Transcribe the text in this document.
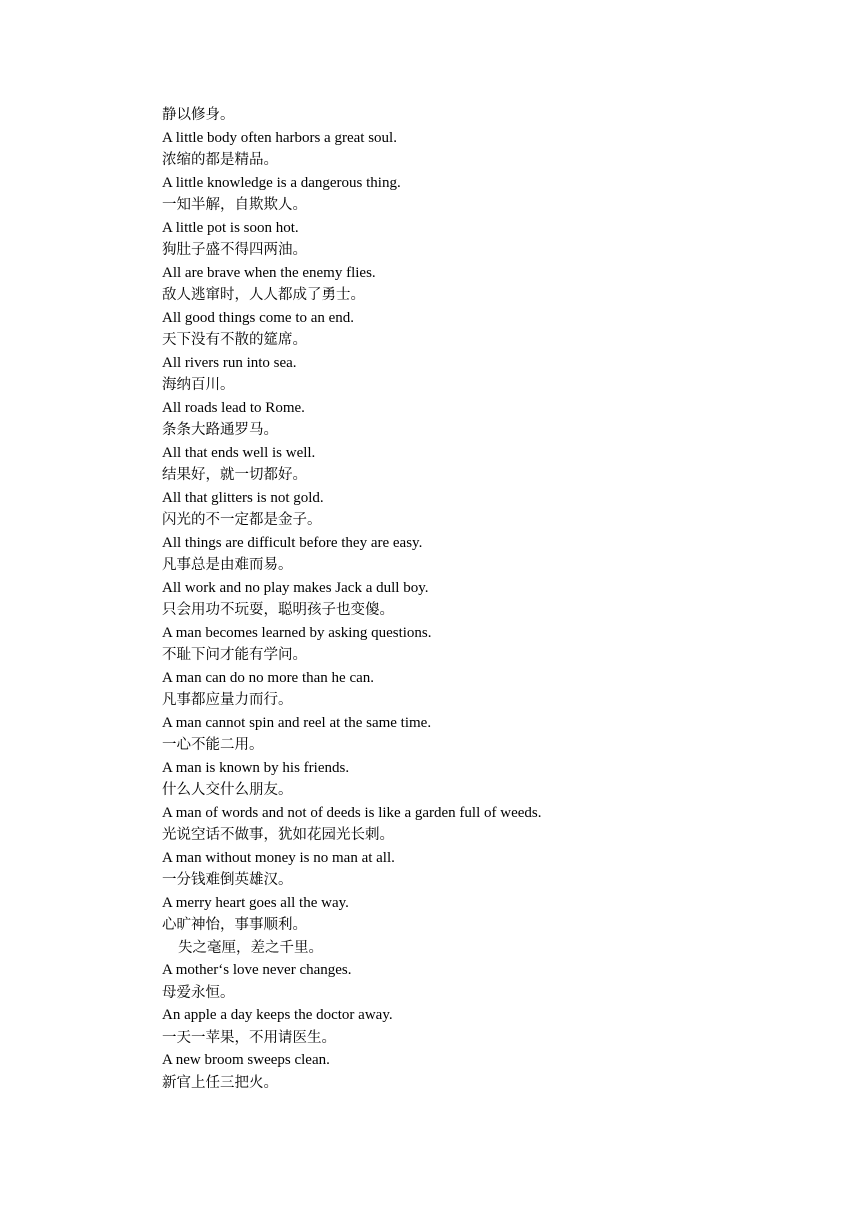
静以修身。
A little body often harbors a great soul.
浓缩的都是精品。
A little knowledge is a dangerous thing.
一知半解，自欺欺人。
A little pot is soon hot.
狗肚子盛不得四两油。
All are brave when the enemy flies.
敌人逃窜时，人人都成了勇士。
All good things come to an end.
天下没有不散的筵席。
All rivers run into sea.
海纳百川。
All roads lead to Rome.
条条大路通罗马。
All that ends well is well.
结果好，就一切都好。
All that glitters is not gold.
闪光的不一定都是金子。
All things are difficult before they are easy.
凡事总是由难而易。
All work and no play makes Jack a dull boy.
只会用功不玩耍，聪明孩子也变傻。
A man becomes learned by asking questions.
不耻下问才能有学问。
A man can do no more than he can.
凡事都应量力而行。
A man cannot spin and reel at the same time.
一心不能二用。
A man is known by his friends.
什么人交什么朋友。
A man of words and not of deeds is like a garden full of weeds.
光说空话不做事，犹如花园光长刺。
A man without money is no man at all.
一分钱难倒英雄汉。
A merry heart goes all the way.
心旷神怡，事事顺利。
失之毫厘，差之千里。
A mother‘s love never changes.
母爱永恒。
An apple a day keeps the doctor away.
一天一苹果，不用请医生。
A new broom sweeps clean.
新官上任三把火。
